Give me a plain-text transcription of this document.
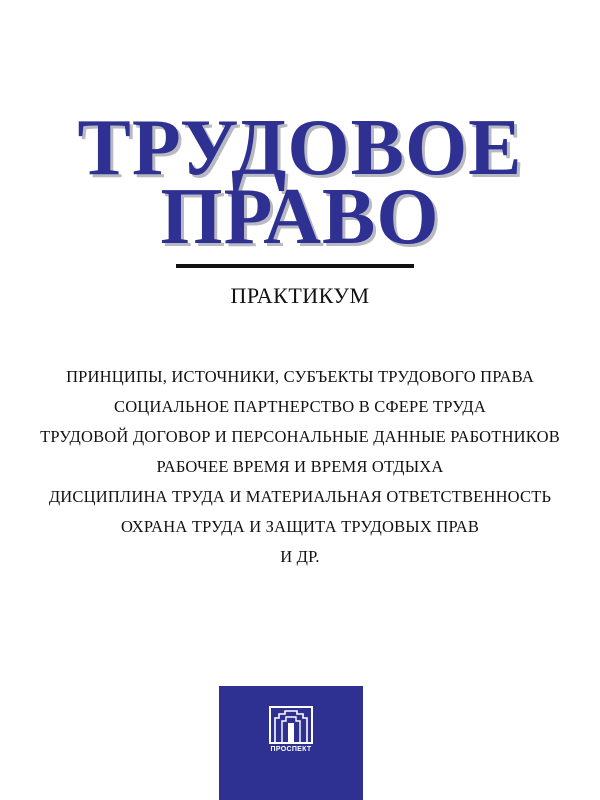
ТРУДОВОЕ
ПРАВО
ПРАКТИКУМ
ПРИНЦИПЫ, ИСТОЧНИКИ, СУБЪЕКТЫ ТРУДОВОГО ПРАВА
СОЦИАЛЬНОЕ ПАРТНЕРСТВО В СФЕРЕ ТРУДА
ТРУДОВОЙ ДОГОВОР И ПЕРСОНАЛЬНЫЕ ДАННЫЕ РАБОТНИКОВ
РАБОЧЕЕ ВРЕМЯ И ВРЕМЯ ОТДЫХА
ДИСЦИПЛИНА ТРУДА И МАТЕРИАЛЬНАЯ ОТВЕТСТВЕННОСТЬ
ОХРАНА ТРУДА И ЗАЩИТА ТРУДОВЫХ ПРАВ
И ДР.
ПРОСПЕКТ
